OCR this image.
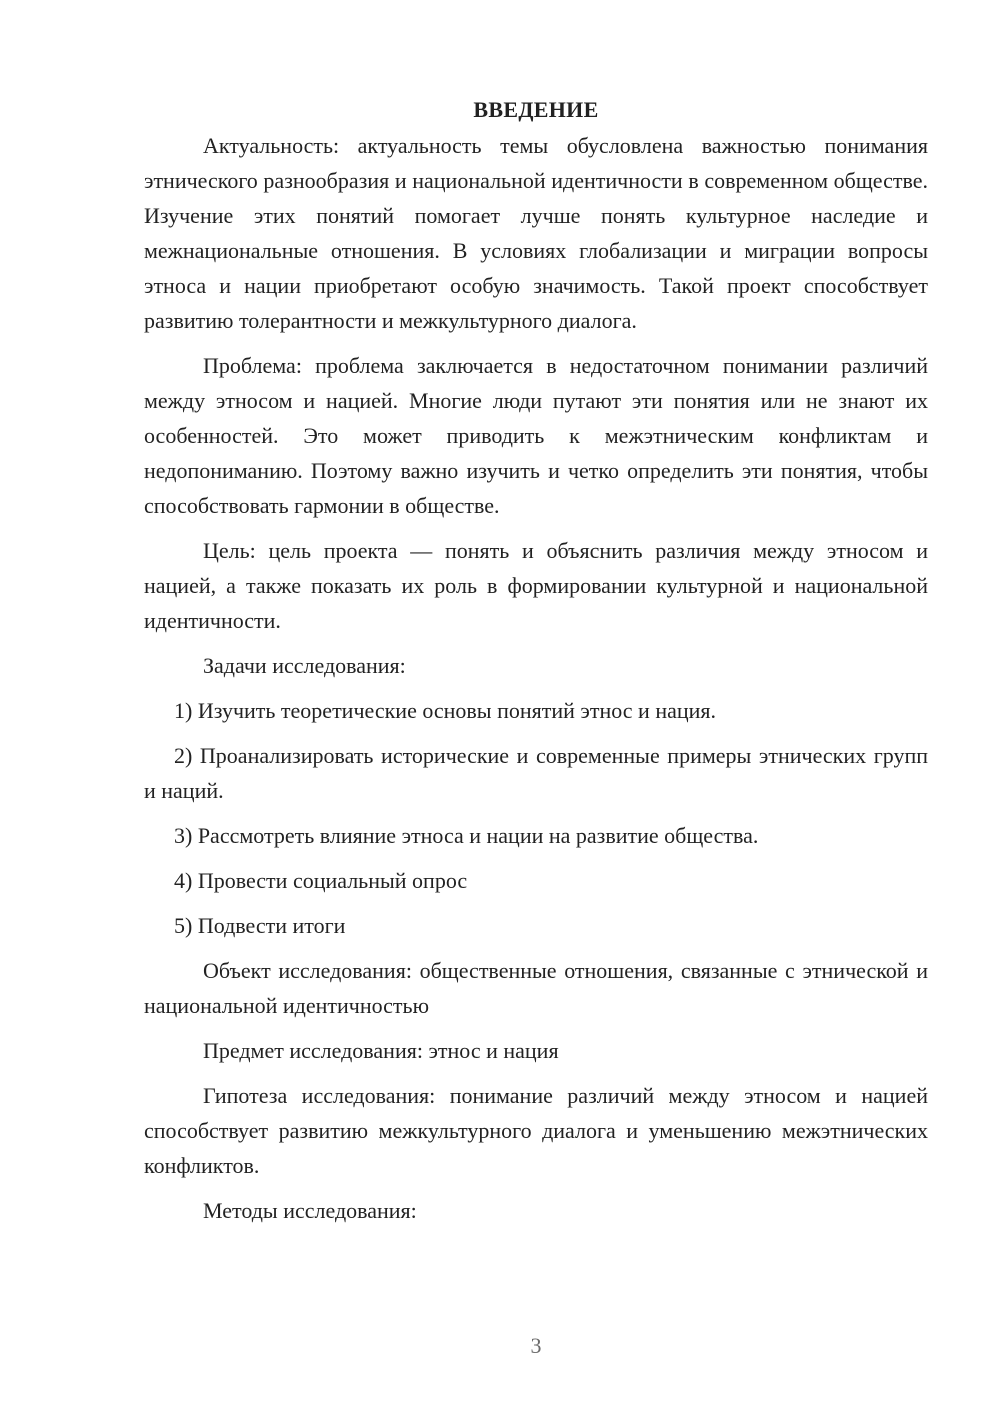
ВВЕДЕНИЕ

Актуальность: актуальность темы обусловлена важностью понимания этнического разнообразия и национальной идентичности в современном обществе. Изучение этих понятий помогает лучше понять культурное наследие и межнациональные отношения. В условиях глобализации и миграции вопросы этноса и нации приобретают особую значимость. Такой проект способствует развитию толерантности и межкультурного диалога.

Проблема: проблема заключается в недостаточном понимании различий между этносом и нацией. Многие люди путают эти понятия или не знают их особенностей. Это может приводить к межэтническим конфликтам и недопониманию. Поэтому важно изучить и четко определить эти понятия, чтобы способствовать гармонии в обществе.

Цель: цель проекта — понять и объяснить различия между этносом и нацией, а также показать их роль в формировании культурной и национальной идентичности.

Задачи исследования:

1) Изучить теоретические основы понятий этнос и нация.

2) Проанализировать исторические и современные примеры этнических групп и наций.

3) Рассмотреть влияние этноса и нации на развитие общества.

4) Провести социальный опрос

5) Подвести итоги

Объект исследования: общественные отношения, связанные с этнической и национальной идентичностью

Предмет исследования: этнос и нация

Гипотеза исследования: понимание различий между этносом и нацией способствует развитию межкультурного диалога и уменьшению межэтнических конфликтов.

Методы исследования:

3
